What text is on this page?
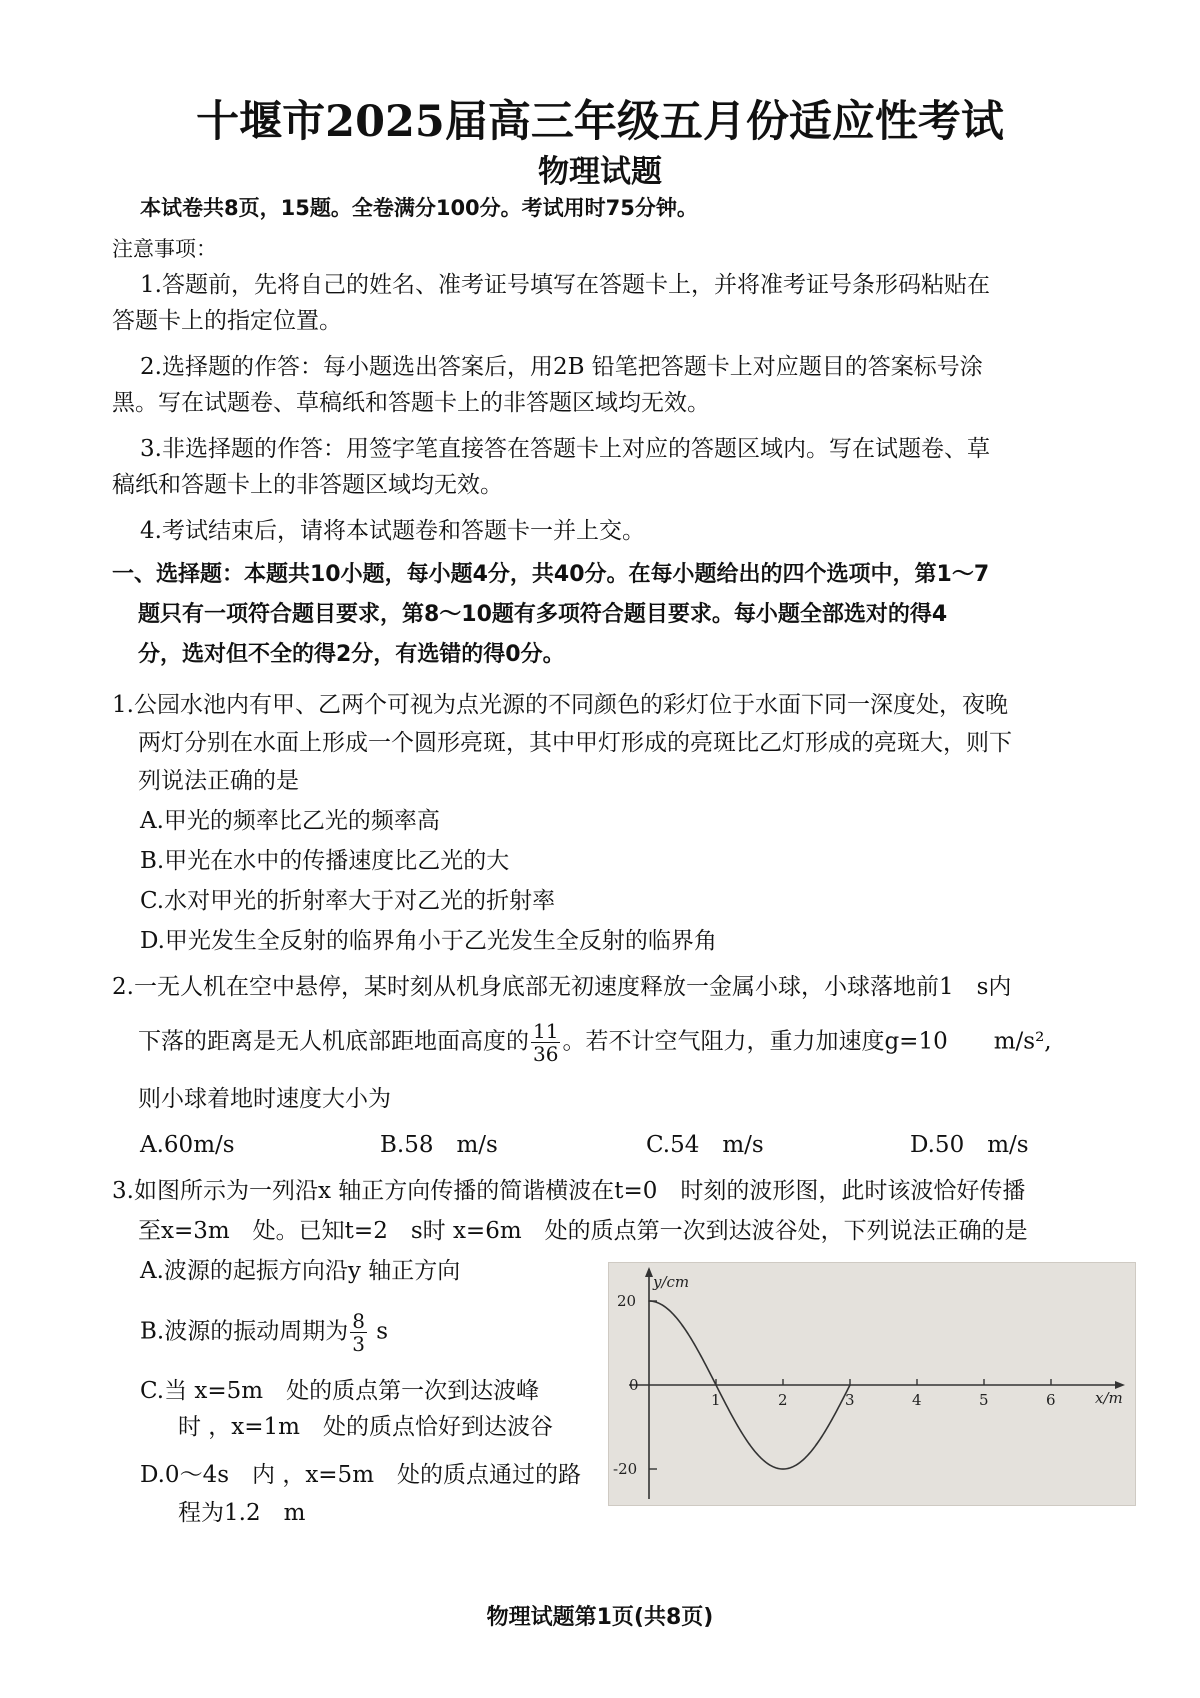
十堰市2025届高三年级五月份适应性考试
物理试题
本试卷共8页，15题。全卷满分100分。考试用时75分钟。
注意事项：
1.答题前，先将自己的姓名、准考证号填写在答题卡上，并将准考证号条形码粘贴在
答题卡上的指定位置。
2.选择题的作答：每小题选出答案后，用2B 铅笔把答题卡上对应题目的答案标号涂
黑。写在试题卷、草稿纸和答题卡上的非答题区域均无效。
3.非选择题的作答：用签字笔直接答在答题卡上对应的答题区域内。写在试题卷、草
稿纸和答题卡上的非答题区域均无效。
4.考试结束后，请将本试题卷和答题卡一并上交。
一、选择题：本题共10小题，每小题4分，共40分。在每小题给出的四个选项中，第1～7
题只有一项符合题目要求，第8～10题有多项符合题目要求。每小题全部选对的得4
分，选对但不全的得2分，有选错的得0分。
1.公园水池内有甲、乙两个可视为点光源的不同颜色的彩灯位于水面下同一深度处，夜晚
两灯分别在水面上形成一个圆形亮斑，其中甲灯形成的亮斑比乙灯形成的亮斑大，则下
列说法正确的是
A.甲光的频率比乙光的频率高
B.甲光在水中的传播速度比乙光的大
C.水对甲光的折射率大于对乙光的折射率
D.甲光发生全反射的临界角小于乙光发生全反射的临界角
2.一无人机在空中悬停，某时刻从机身底部无初速度释放一金属小球，小球落地前1　s内
下落的距离是无人机底部距地面高度的 $\frac{11}{36}$ 。若不计空气阻力，重力加速度g=10　　m/s²,
则小球着地时速度大小为
A.60m/s	B.58　m/s	C.54　m/s	D.50　m/s
3.如图所示为一列沿x 轴正方向传播的简谐横波在t=0　时刻的波形图，此时该波恰好传播
至x=3m　处。已知t=2　s时 x=6m　处的质点第一次到达波谷处，下列说法正确的是
A.波源的起振方向沿y 轴正方向
B.波源的振动周期为 $\frac{8}{3}$ s
C.当 x=5m　处的质点第一次到达波峰
时 ，x=1m　处的质点恰好到达波谷
D.0～4s　内 ，x=5m　处的质点通过的路
程为1.2　m
y/cm
x/m
1	2	3	4	5	6
20
0
-20
物理试题第1页(共8页)
